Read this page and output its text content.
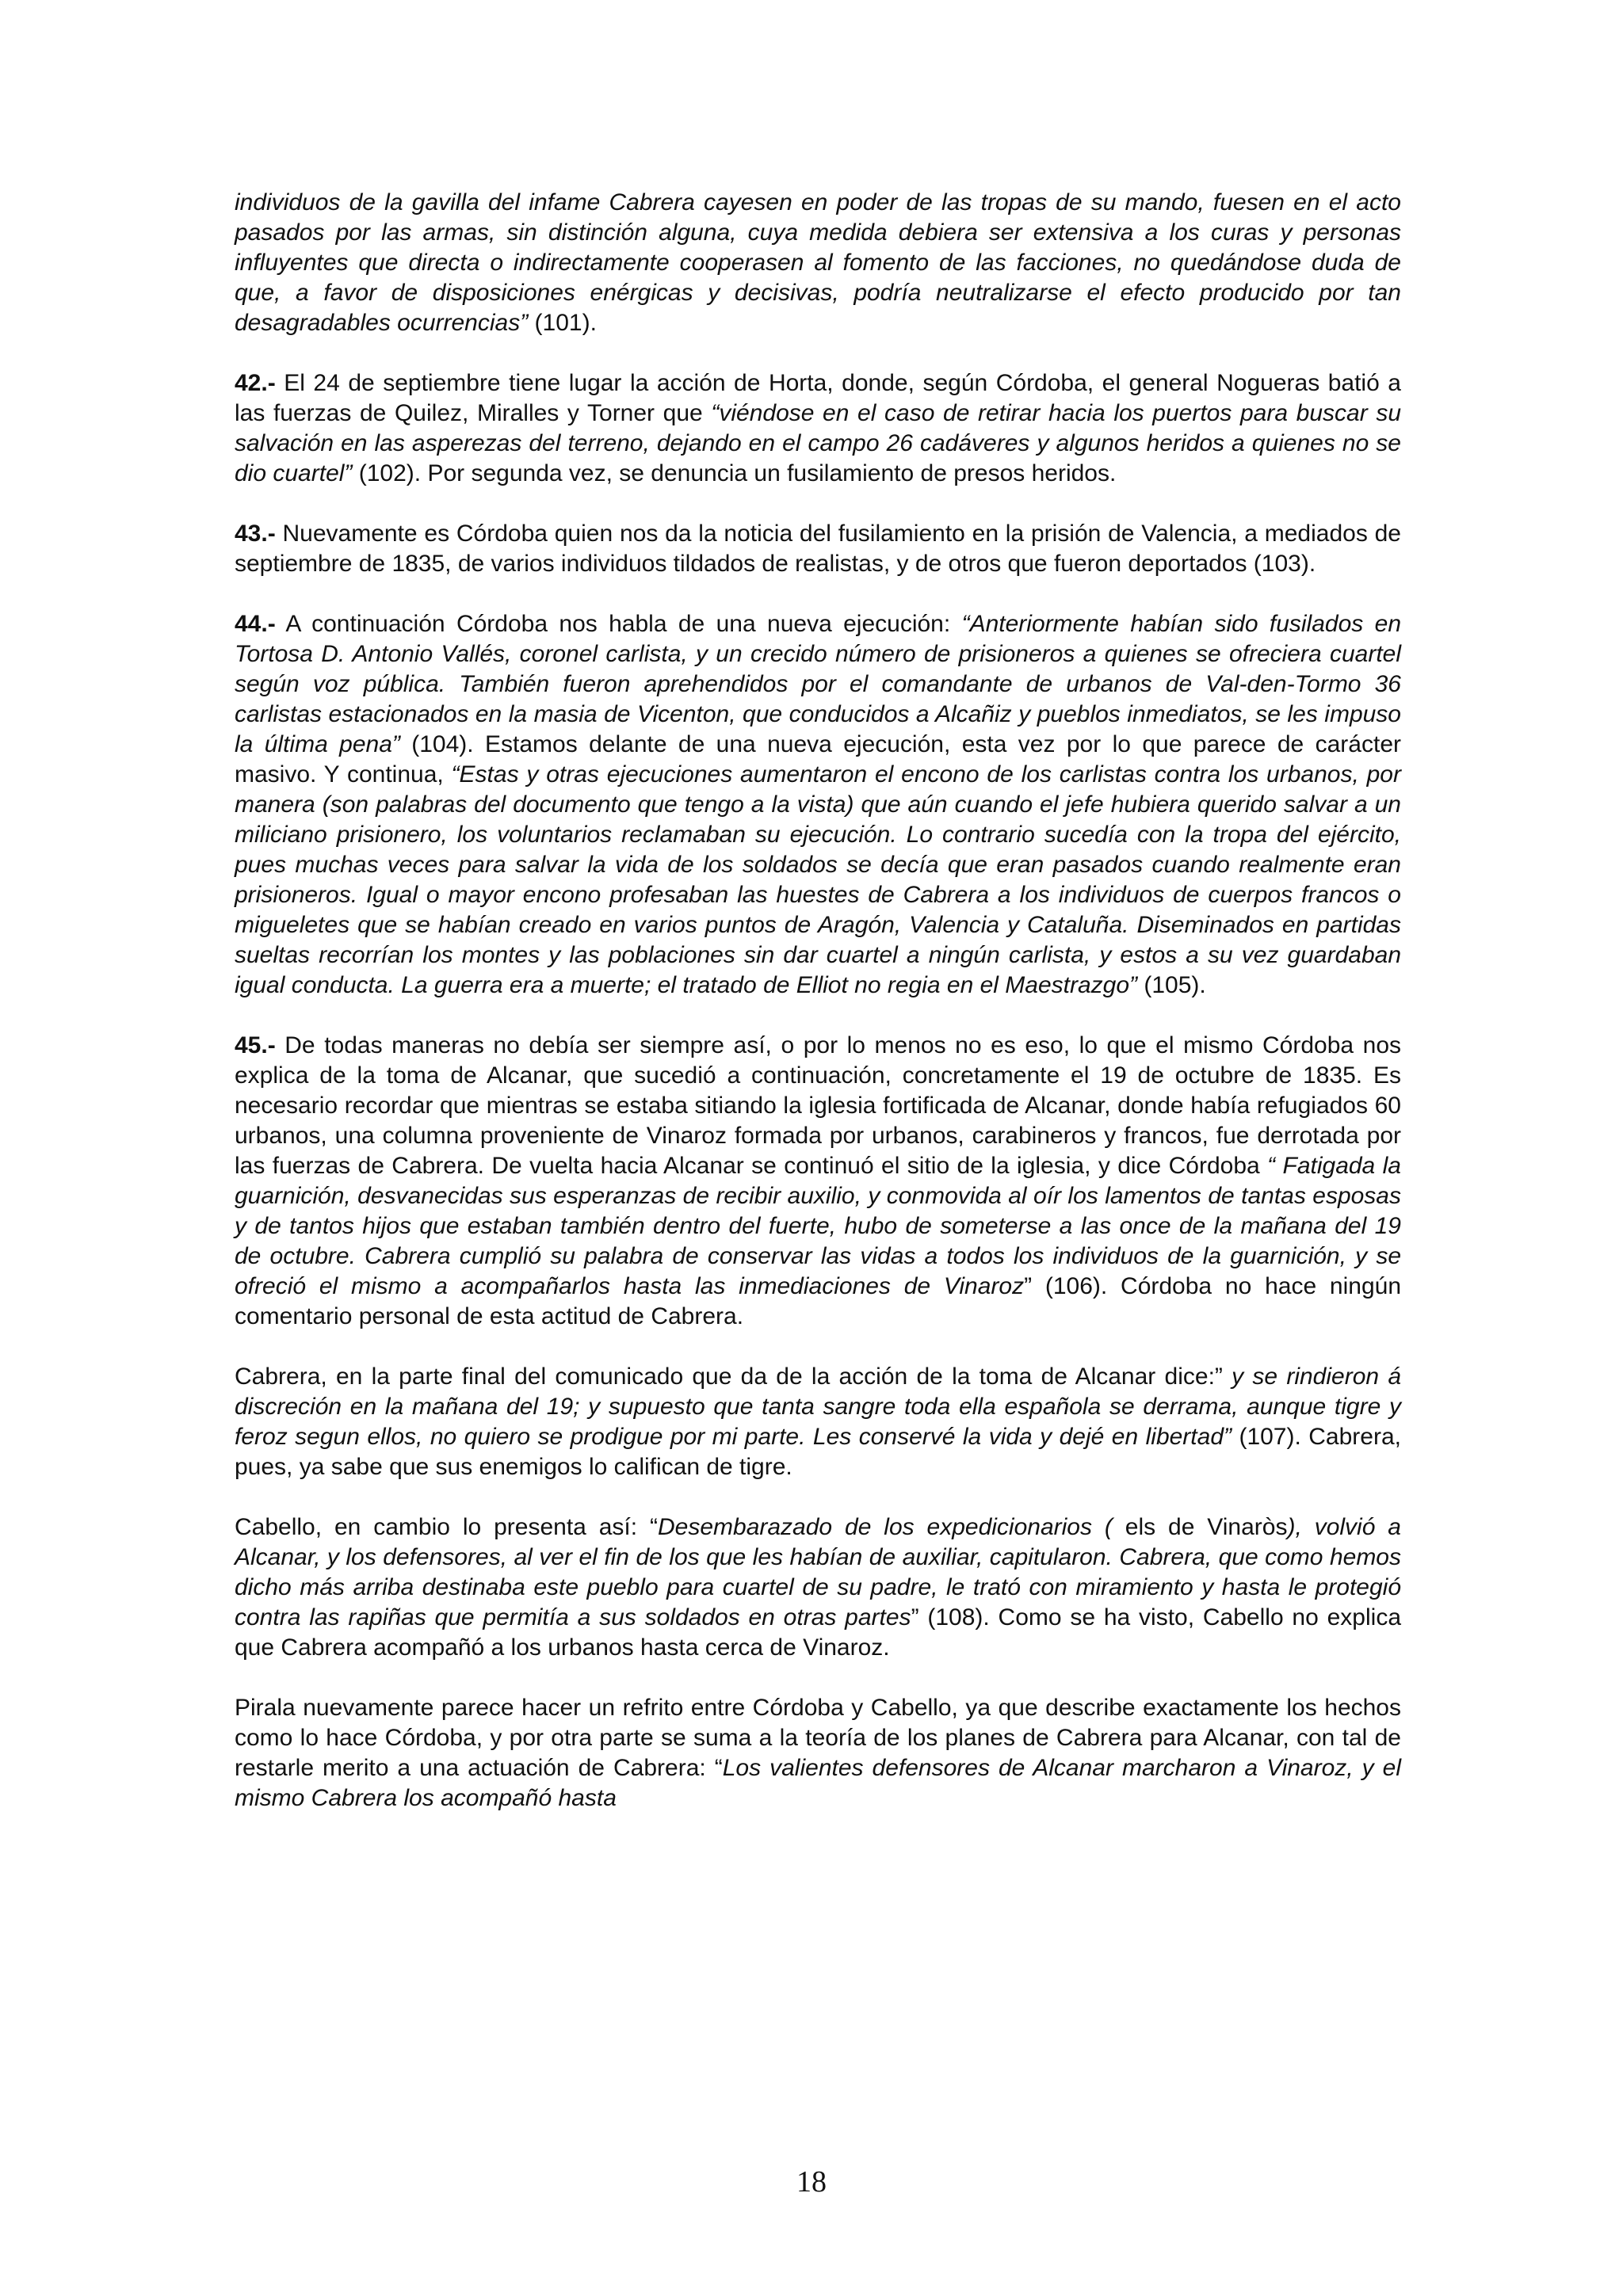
individuos de la gavilla del infame Cabrera cayesen en poder de las tropas de su mando, fuesen en el acto pasados por las armas, sin distinción alguna, cuya medida debiera ser extensiva a los curas y personas influyentes que directa o indirectamente cooperasen al fomento de las facciones, no quedándose duda de que, a favor de disposiciones enérgicas y decisivas, podría neutralizarse el efecto producido por tan desagradables ocurrencias” (101).

42.- El 24 de septiembre tiene lugar la acción de Horta, donde, según Córdoba, el general Nogueras batió a las fuerzas de Quilez, Miralles y Torner que “viéndose en el caso de retirar hacia los puertos para buscar su salvación en las asperezas del terreno, dejando en el campo 26 cadáveres y algunos heridos a quienes no se dio cuartel” (102). Por segunda vez, se denuncia un fusilamiento de presos heridos.

43.- Nuevamente es Córdoba quien nos da la noticia del fusilamiento en la prisión de Valencia, a mediados de septiembre de 1835, de varios individuos tildados de realistas, y de otros que fueron deportados (103).

44.- A continuación Córdoba nos habla de una nueva ejecución: “Anteriormente habían sido fusilados en Tortosa D. Antonio Vallés, coronel carlista, y un crecido número de prisioneros a quienes se ofreciera cuartel según voz pública. También fueron aprehendidos por el comandante de urbanos de Val-den-Tormo 36 carlistas estacionados en la masia de Vicenton, que conducidos a Alcañiz y pueblos inmediatos, se les impuso la última pena” (104). Estamos delante de una nueva ejecución, esta vez por lo que parece de carácter masivo. Y continua, “Estas y otras ejecuciones aumentaron el encono de los carlistas contra los urbanos, por manera (son palabras del documento que tengo a la vista) que aún cuando el jefe hubiera querido salvar a un miliciano prisionero, los voluntarios reclamaban su ejecución. Lo contrario sucedía con la tropa del ejército, pues muchas veces para salvar la vida de los soldados se decía que eran pasados cuando realmente eran prisioneros. Igual o mayor encono profesaban las huestes de Cabrera a los individuos de cuerpos francos o migueletes que se habían creado en varios puntos de Aragón, Valencia y Cataluña. Diseminados en partidas sueltas recorrían los montes y las poblaciones sin dar cuartel a ningún carlista, y estos a su vez guardaban igual conducta. La guerra era a muerte; el tratado de Elliot no regia en el Maestrazgo” (105).

45.- De todas maneras no debía ser siempre así, o por lo menos no es eso, lo que el mismo Córdoba nos explica de la toma de Alcanar, que sucedió a continuación, concretamente el 19 de octubre de 1835. Es necesario recordar que mientras se estaba sitiando la iglesia fortificada de Alcanar, donde había refugiados 60 urbanos, una columna proveniente de Vinaroz formada por urbanos, carabineros y francos, fue derrotada por las fuerzas de Cabrera. De vuelta hacia Alcanar se continuó el sitio de la iglesia, y dice Córdoba “ Fatigada la guarnición, desvanecidas sus esperanzas de recibir auxilio, y conmovida al oír los lamentos de tantas esposas y de tantos hijos que estaban también dentro del fuerte, hubo de someterse a las once de la mañana del 19 de octubre. Cabrera cumplió su palabra de conservar las vidas a todos los individuos de la guarnición, y se ofreció el mismo a acompañarlos hasta las inmediaciones de Vinaroz” (106). Córdoba no hace ningún comentario personal de esta actitud de Cabrera.

Cabrera, en la parte final del comunicado que da de la acción de la toma de Alcanar dice:” y se rindieron á discreción en la mañana del 19; y supuesto que tanta sangre toda ella española se derrama, aunque tigre y feroz segun ellos, no quiero se prodigue por mi parte. Les conservé la vida y dejé en libertad” (107). Cabrera, pues, ya sabe que sus enemigos lo califican de tigre.

Cabello, en cambio lo presenta así: “Desembarazado de los expedicionarios ( els de Vinaròs), volvió a Alcanar, y los defensores, al ver el fin de los que les habían de auxiliar, capitularon. Cabrera, que como hemos dicho más arriba destinaba este pueblo para cuartel de su padre, le trató con miramiento y hasta le protegió contra las rapiñas que permitía a sus soldados en otras partes” (108). Como se ha visto, Cabello no explica que Cabrera acompañó a los urbanos hasta cerca de Vinaroz.

Pirala nuevamente parece hacer un refrito entre Córdoba y Cabello, ya que describe exactamente los hechos como lo hace Córdoba, y por otra parte se suma a la teoría de los planes de Cabrera para Alcanar, con tal de restarle merito a una actuación de Cabrera: “Los valientes defensores de Alcanar marcharon a Vinaroz, y el mismo Cabrera los acompañó hasta

18
